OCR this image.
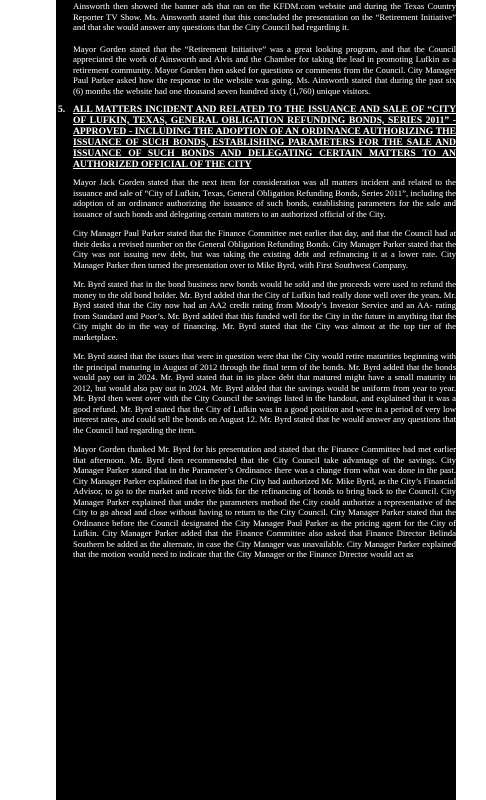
Ainsworth then showed the banner ads that ran on the KFDM.com website and during the Texas Country Reporter TV Show. Ms. Ainsworth stated that this concluded the presentation on the “Retirement Initiative” and that she would answer any questions that the City Council had regarding it.

Mayor Gorden stated that the “Retirement Initiative” was a great looking program, and that the Council appreciated the work of Ainsworth and Alvis and the Chamber for taking the lead in promoting Lufkin as a retirement community. Mayor Gorden then asked for questions or comments from the Council. City Manager Paul Parker asked how the response to the website was going. Ms. Ainsworth stated that during the past six (6) months the website had one thousand seven hundred sixty (1,760) unique visitors.

5. ALL MATTERS INCIDENT AND RELATED TO THE ISSUANCE AND SALE OF “CITY OF LUFKIN, TEXAS, GENERAL OBLIGATION REFUNDING BONDS, SERIES 2011” - APPROVED - INCLUDING THE ADOPTION OF AN ORDINANCE AUTHORIZING THE ISSUANCE OF SUCH BONDS, ESTABLISHING PARAMETERS FOR THE SALE AND ISSUANCE OF SUCH BONDS AND DELEGATING CERTAIN MATTERS TO AN AUTHORIZED OFFICIAL OF THE CITY

Mayor Jack Gorden stated that the next item for consideration was all matters incident and related to the issuance and sale of “City of Lufkin, Texas, General Obligation Refunding Bonds, Series 2011”, including the adoption of an ordinance authorizing the issuance of such bonds, establishing parameters for the sale and issuance of such bonds and delegating certain matters to an authorized official of the City.

City Manager Paul Parker stated that the Finance Committee met earlier that day, and that the Council had at their desks a revised number on the General Obligation Refunding Bonds. City Manager Parker stated that the City was not issuing new debt, but was taking the existing debt and refinancing it at a lower rate. City Manager Parker then turned the presentation over to Mike Byrd, with First Southwest Company.

Mr. Byrd stated that in the bond business new bonds would be sold and the proceeds were used to refund the money to the old bond holder. Mr. Byrd added that the City of Lufkin had really done well over the years. Mr. Byrd stated that the City now had an AA2 credit rating from Moody’s Investor Service and an AA- rating from Standard and Poor’s. Mr. Byrd added that this funded well for the City in the future in anything that the City might do in the way of financing. Mr. Byrd stated that the City was almost at the top tier of the marketplace.

Mr. Byrd stated that the issues that were in question were that the City would retire maturities beginning with the principal maturing in August of 2012 through the final term of the bonds. Mr. Byrd added that the bonds would pay out in 2024. Mr. Byrd stated that in its place debt that matured might have a small maturity in 2012, but would also pay out in 2024. Mr. Byrd added that the savings would be uniform from year to year. Mr. Byrd then went over with the City Council the savings listed in the handout, and explained that it was a good refund. Mr. Byrd stated that the City of Lufkin was in a good position and were in a period of very low interest rates, and could sell the bonds on August 12. Mr. Byrd stated that he would answer any questions that the Council had regarding the item.

Mayor Gorden thanked Mr. Byrd for his presentation and stated that the Finance Committee had met earlier that afternoon. Mr. Byrd then recommended that the City Council take advantage of the savings. City Manager Parker stated that in the Parameter’s Ordinance there was a change from what was done in the past. City Manager Parker explained that in the past the City had authorized Mr. Mike Byrd, as the City’s Financial Advisor, to go to the market and receive bids for the refinancing of bonds to bring back to the Council. City Manager Parker explained that under the parameters method the City could authorize a representative of the City to go ahead and close without having to return to the City Council. City Manager Parker stated that the Ordinance before the Council designated the City Manager Paul Parker as the pricing agent for the City of Lufkin. City Manager Parker added that the Finance Committee also asked that Finance Director Belinda Southern be added as the alternate, in case the City Manager was unavailable. City Manager Parker explained that the motion would need to indicate that the City Manager or the Finance Director would act as
